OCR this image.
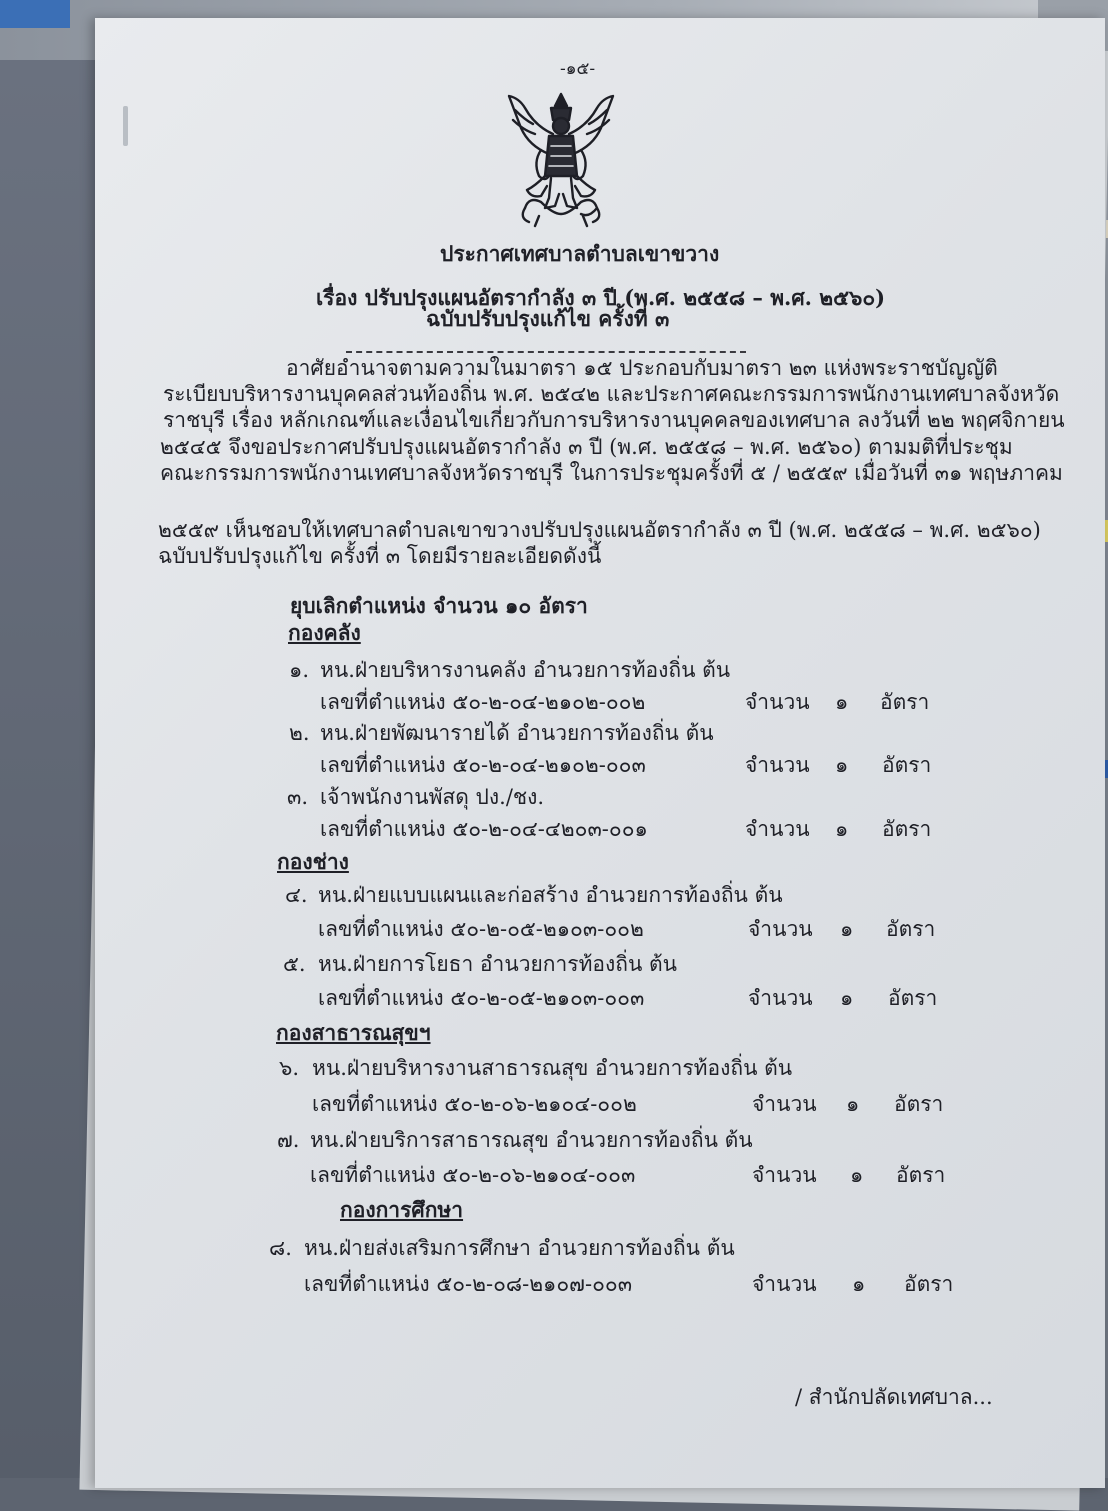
-๑๕-
ประกาศเทศบาลตำบลเขาขวาง
เรื่อง ปรับปรุงแผนอัตรากำลัง ๓ ปี (พ.ศ. ๒๕๕๘ – พ.ศ. ๒๕๖๐)
ฉบับปรับปรุงแก้ไข ครั้งที่ ๓
อาศัยอำนาจตามความในมาตรา ๑๕ ประกอบกับมาตรา ๒๓ แห่งพระราชบัญญัติ
ระเบียบบริหารงานบุคคลส่วนท้องถิ่น พ.ศ. ๒๕๔๒ และประกาศคณะกรรมการพนักงานเทศบาลจังหวัด
ราชบุรี เรื่อง หลักเกณฑ์และเงื่อนไขเกี่ยวกับการบริหารงานบุคคลของเทศบาล ลงวันที่ ๒๒ พฤศจิกายน
๒๕๔๕ จึงขอประกาศปรับปรุงแผนอัตรากำลัง ๓ ปี (พ.ศ. ๒๕๕๘ – พ.ศ. ๒๕๖๐) ตามมติที่ประชุม
คณะกรรมการพนักงานเทศบาลจังหวัดราชบุรี ในการประชุมครั้งที่ ๕ / ๒๕๕๙ เมื่อวันที่ ๓๑ พฤษภาคม
๒๕๕๙ เห็นชอบให้เทศบาลตำบลเขาขวางปรับปรุงแผนอัตรากำลัง ๓ ปี (พ.ศ. ๒๕๕๘ – พ.ศ. ๒๕๖๐)
ฉบับปรับปรุงแก้ไข ครั้งที่ ๓ โดยมีรายละเอียดดังนี้
ยุบเลิกตำแหน่ง จำนวน ๑๐ อัตรา
กองคลัง
๑. หน.ฝ่ายบริหารงานคลัง อำนวยการท้องถิ่น ต้น
เลขที่ตำแหน่ง ๕๐-๒-๐๔-๒๑๐๒-๐๐๒	จำนวน ๑ อัตรา
๒. หน.ฝ่ายพัฒนารายได้ อำนวยการท้องถิ่น ต้น
เลขที่ตำแหน่ง ๕๐-๒-๐๔-๒๑๐๒-๐๐๓	จำนวน ๑ อัตรา
๓. เจ้าพนักงานพัสดุ ปง./ชง.
เลขที่ตำแหน่ง ๕๐-๒-๐๔-๔๒๐๓-๐๐๑	จำนวน ๑ อัตรา
กองช่าง
๔. หน.ฝ่ายแบบแผนและก่อสร้าง อำนวยการท้องถิ่น ต้น
เลขที่ตำแหน่ง ๕๐-๒-๐๕-๒๑๐๓-๐๐๒	จำนวน ๑ อัตรา
๕. หน.ฝ่ายการโยธา อำนวยการท้องถิ่น ต้น
เลขที่ตำแหน่ง ๕๐-๒-๐๕-๒๑๐๓-๐๐๓	จำนวน ๑ อัตรา
กองสาธารณสุขฯ
๖. หน.ฝ่ายบริหารงานสาธารณสุข อำนวยการท้องถิ่น ต้น
เลขที่ตำแหน่ง ๕๐-๒-๐๖-๒๑๐๔-๐๐๒	จำนวน ๑ อัตรา
๗. หน.ฝ่ายบริการสาธารณสุข อำนวยการท้องถิ่น ต้น
เลขที่ตำแหน่ง ๕๐-๒-๐๖-๒๑๐๔-๐๐๓	จำนวน ๑ อัตรา
กองการศึกษา
๘. หน.ฝ่ายส่งเสริมการศึกษา อำนวยการท้องถิ่น ต้น
เลขที่ตำแหน่ง ๕๐-๒-๐๘-๒๑๐๗-๐๐๓	จำนวน ๑ อัตรา
/ สำนักปลัดเทศบาล...
